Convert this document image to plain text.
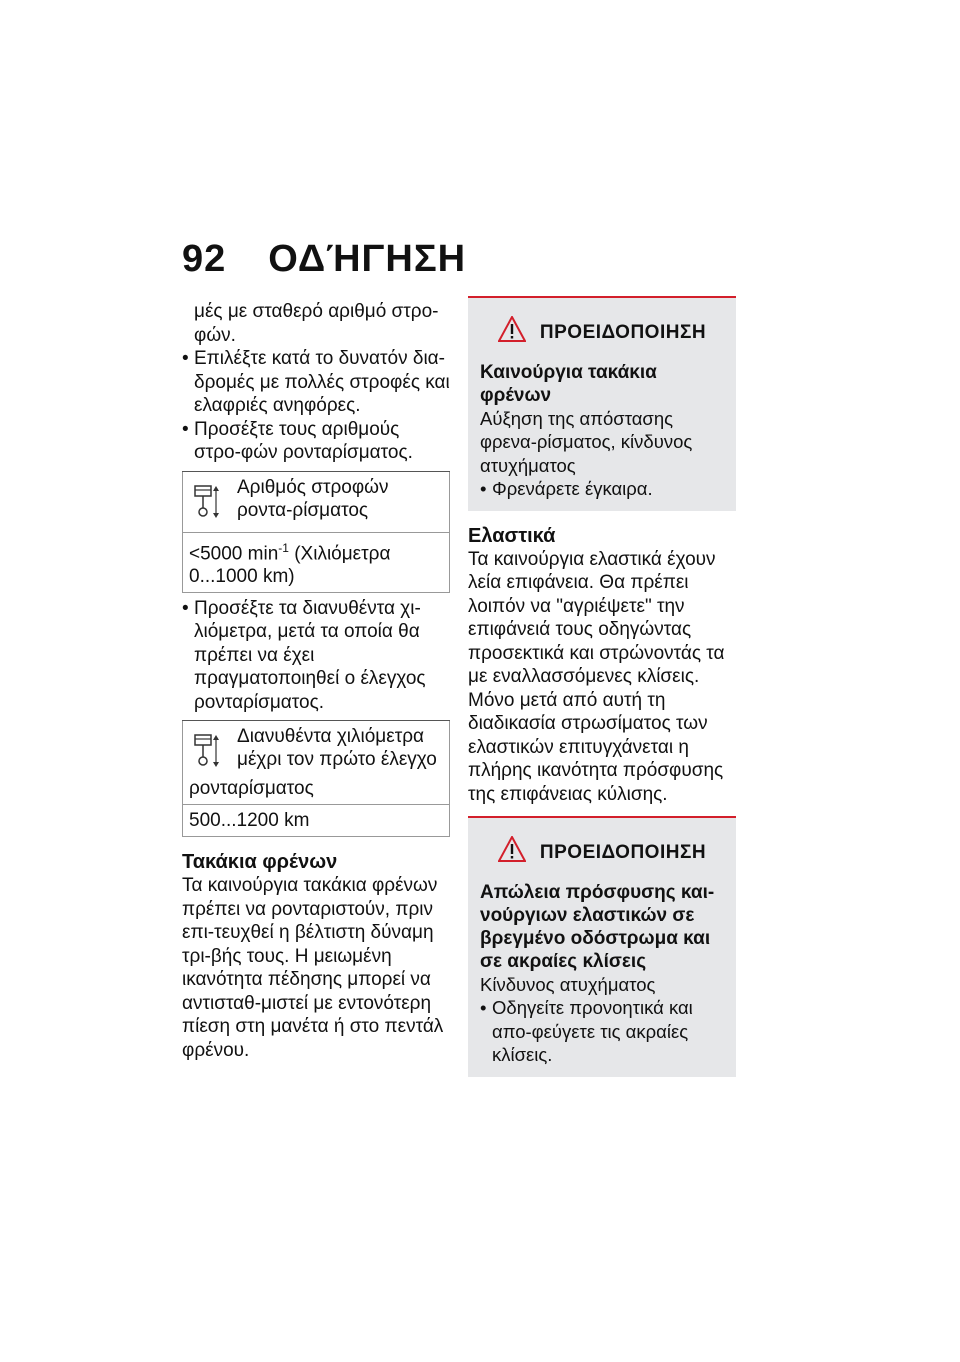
92 ΟΔΉΓΗΣΗ

μές με σταθερό αριθμό στρο-φών.

• Επιλέξτε κατά το δυνατόν δια-δρομές με πολλές στροφές και ελαφριές ανηφόρες.
• Προσέξτε τους αριθμούς στρο-φών ρονταρίσματος.
Αριθμός στροφών ροντα-ρίσματος
<5000 $\min^{-1} (X\iota\lambda\iota ό\mu\varepsilon\tau\rho\alpha$ 0...1000 km)
• Προσέξτε τα διανυθέντα χι-λιόμετρα, μετά τα οποία θα πρέπει να έχει πραγματοποιηθεί ο έλεγχος ρονταρίσματος.
Διανυθέντα χιλιόμετρα μέχρι τον πρώτο έλεγχο
ρονταρίσματος
500...1200 km
Τακάκια φρένων

Τα καινούργια τακάκια φρένων πρέπει να ρονταριστούν, πριν επι-τευχθεί η βέλτιστη δύναμη τρι-βής τους. Η μειωμένη ικανότητα πέδησης μπορεί να αντισταθ-μιστεί με εντονότερη πίεση στη μανέτα ή στο πεντάλ φρένου.

ΠΡΟΕΙΔΟΠΟΙΗΣΗ
Καινούργια τακάκια φρένων
Αύξηση της απόστασης φρενα-ρίσματος, κίνδυνος ατυχήματος
• Φρενάρετε έγκαιρα.
Ελαστικά

Τα καινούργια ελαστικά έχουν λεία επιφάνεια. Θα πρέπει λοιπόν να "αγριέψετε" την επιφάνειά τους οδηγώντας προσεκτικά και στρώνοντάς τα με εναλλασσόμενες κλίσεις. Μόνο μετά από αυτή τη διαδικασία στρωσίματος των ελαστικών επιτυγχάνεται η πλήρης ικανότητα πρόσφυσης της επιφάνειας κύλισης.

ΠΡΟΕΙΔΟΠΟΙΗΣΗ
Απώλεια πρόσφυσης και-νούργιων ελαστικών σε βρεγμένο οδόστρωμα και σε ακραίες κλίσεις
Κίνδυνος ατυχήματος
• Οδηγείτε προνοητικά και απο-φεύγετε τις ακραίες κλίσεις.
